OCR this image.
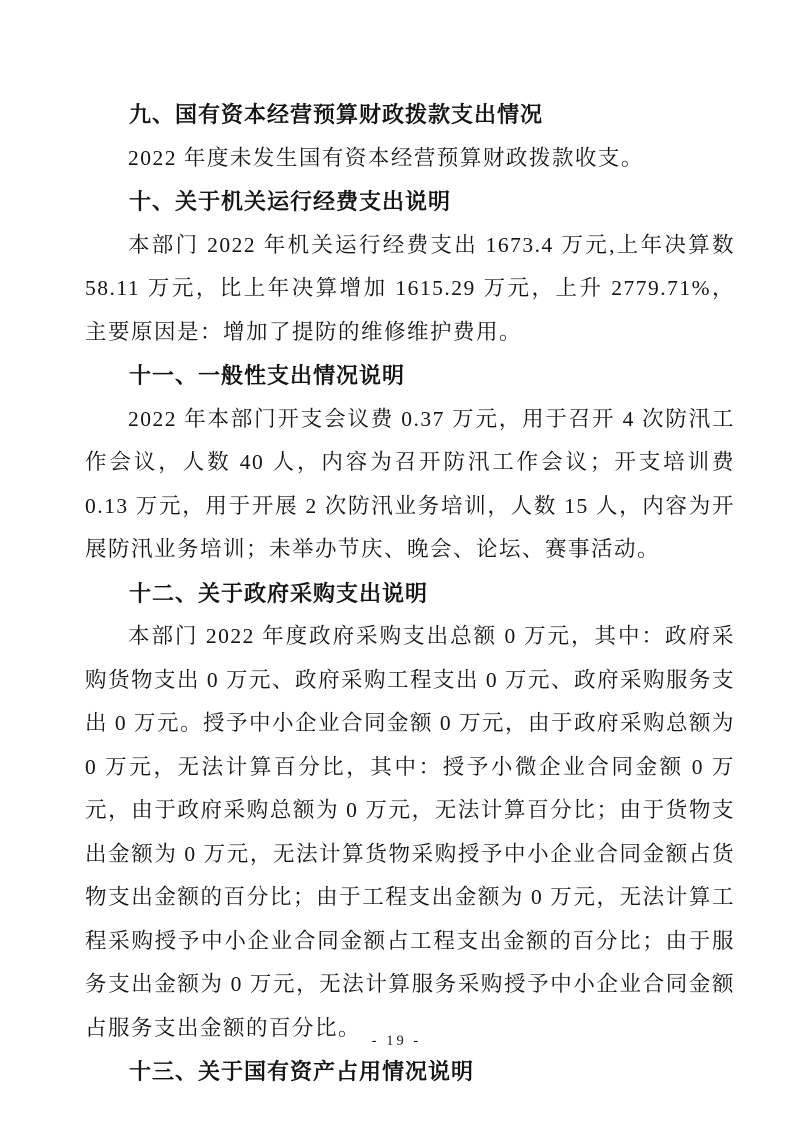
九、国有资本经营预算财政拨款支出情况

2022 年度未发生国有资本经营预算财政拨款收支。

十、关于机关运行经费支出说明

本部门 2022 年机关运行经费支出 1673.4 万元,上年决算数 58.11 万元，比上年决算增加 1615.29 万元，上升 2779.71%，主要原因是：增加了提防的维修维护费用。

十一、一般性支出情况说明

2022 年本部门开支会议费 0.37 万元，用于召开 4 次防汛工作会议，人数 40 人，内容为召开防汛工作会议；开支培训费 0.13 万元，用于开展 2 次防汛业务培训，人数 15 人，内容为开展防汛业务培训；未举办节庆、晚会、论坛、赛事活动。

十二、关于政府采购支出说明

本部门 2022 年度政府采购支出总额 0 万元，其中：政府采购货物支出 0 万元、政府采购工程支出 0 万元、政府采购服务支出 0 万元。授予中小企业合同金额 0 万元，由于政府采购总额为 0 万元，无法计算百分比，其中：授予小微企业合同金额 0 万元，由于政府采购总额为 0 万元，无法计算百分比；由于货物支出金额为 0 万元，无法计算货物采购授予中小企业合同金额占货物支出金额的百分比；由于工程支出金额为 0 万元，无法计算工程采购授予中小企业合同金额占工程支出金额的百分比；由于服务支出金额为 0 万元，无法计算服务采购授予中小企业合同金额占服务支出金额的百分比。

十三、关于国有资产占用情况说明

- 19 -
